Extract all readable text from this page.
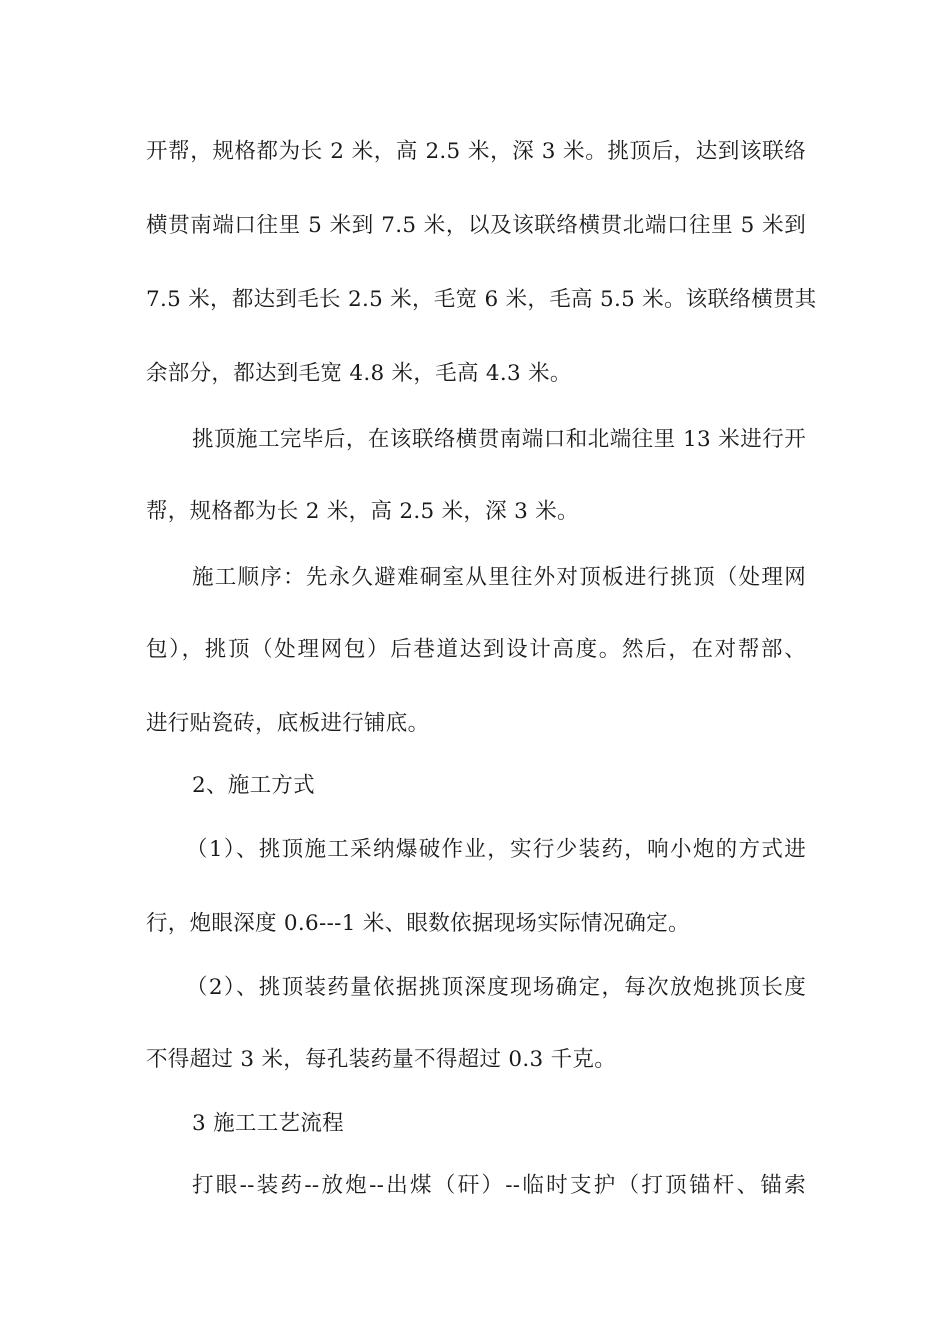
开帮，规格都为长 2 米，高 2.5 米，深 3 米。挑顶后，达到该联络
横贯南端口往里 5 米到 7.5 米，以及该联络横贯北端口往里 5 米到
7.5 米，都达到毛长 2.5 米，毛宽 6 米，毛高 5.5 米。该联络横贯其
余部分，都达到毛宽 4.8 米，毛高 4.3 米。
挑顶施工完毕后，在该联络横贯南端口和北端往里 13 米进行开
帮，规格都为长 2 米，高 2.5 米，深 3 米。
施工顺序：先永久避难硐室从里往外对顶板进行挑顶（处理网
包），挑顶（处理网包）后巷道达到设计高度。然后，在对帮部、
进行贴瓷砖，底板进行铺底。
2、施工方式
（1）、挑顶施工采纳爆破作业，实行少装药，响小炮的方式进
行，炮眼深度 0.6---1 米、眼数依据现场实际情况确定。
（2）、挑顶装药量依据挑顶深度现场确定，每次放炮挑顶长度
不得超过 3 米，每孔装药量不得超过 0.3 千克。
3 施工工艺流程
打眼--装药--放炮--出煤（矸）--临时支护（打顶锚杆、锚索
